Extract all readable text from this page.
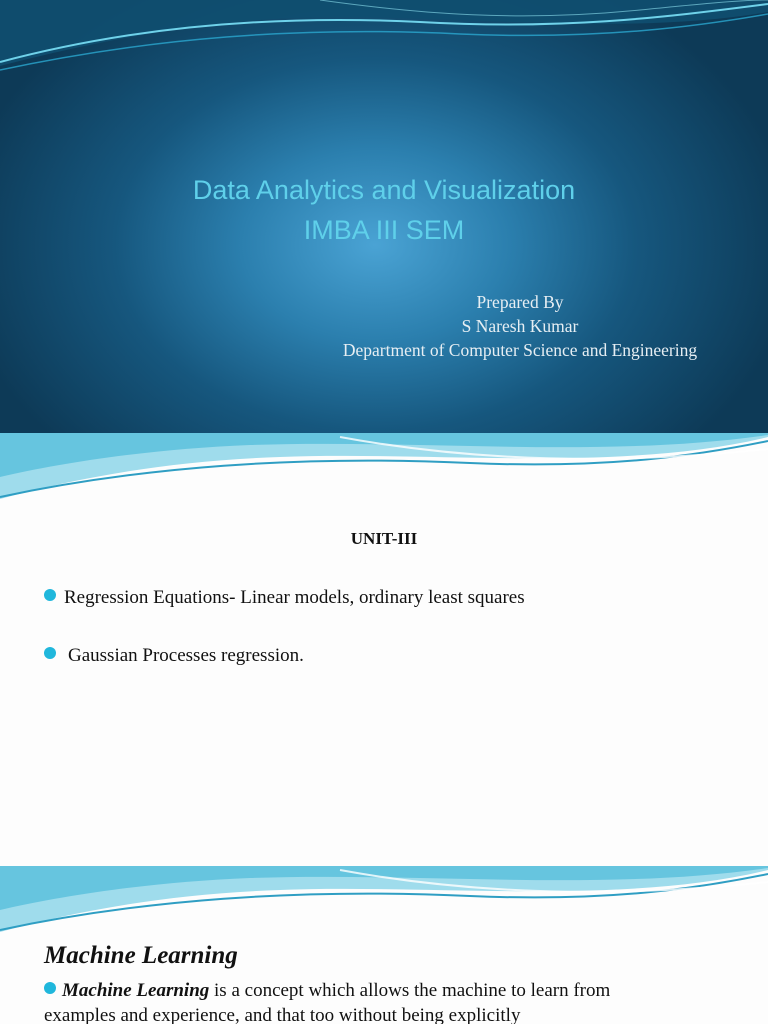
Data Analytics and Visualization
IMBA III SEM
Prepared By
S Naresh Kumar
Department of Computer Science and Engineering
UNIT-III
Regression Equations- Linear models, ordinary least squares
Gaussian Processes regression.
Machine Learning
Machine Learning is a concept which allows the machine to learn from
examples and experience, and that too without being explicitly
